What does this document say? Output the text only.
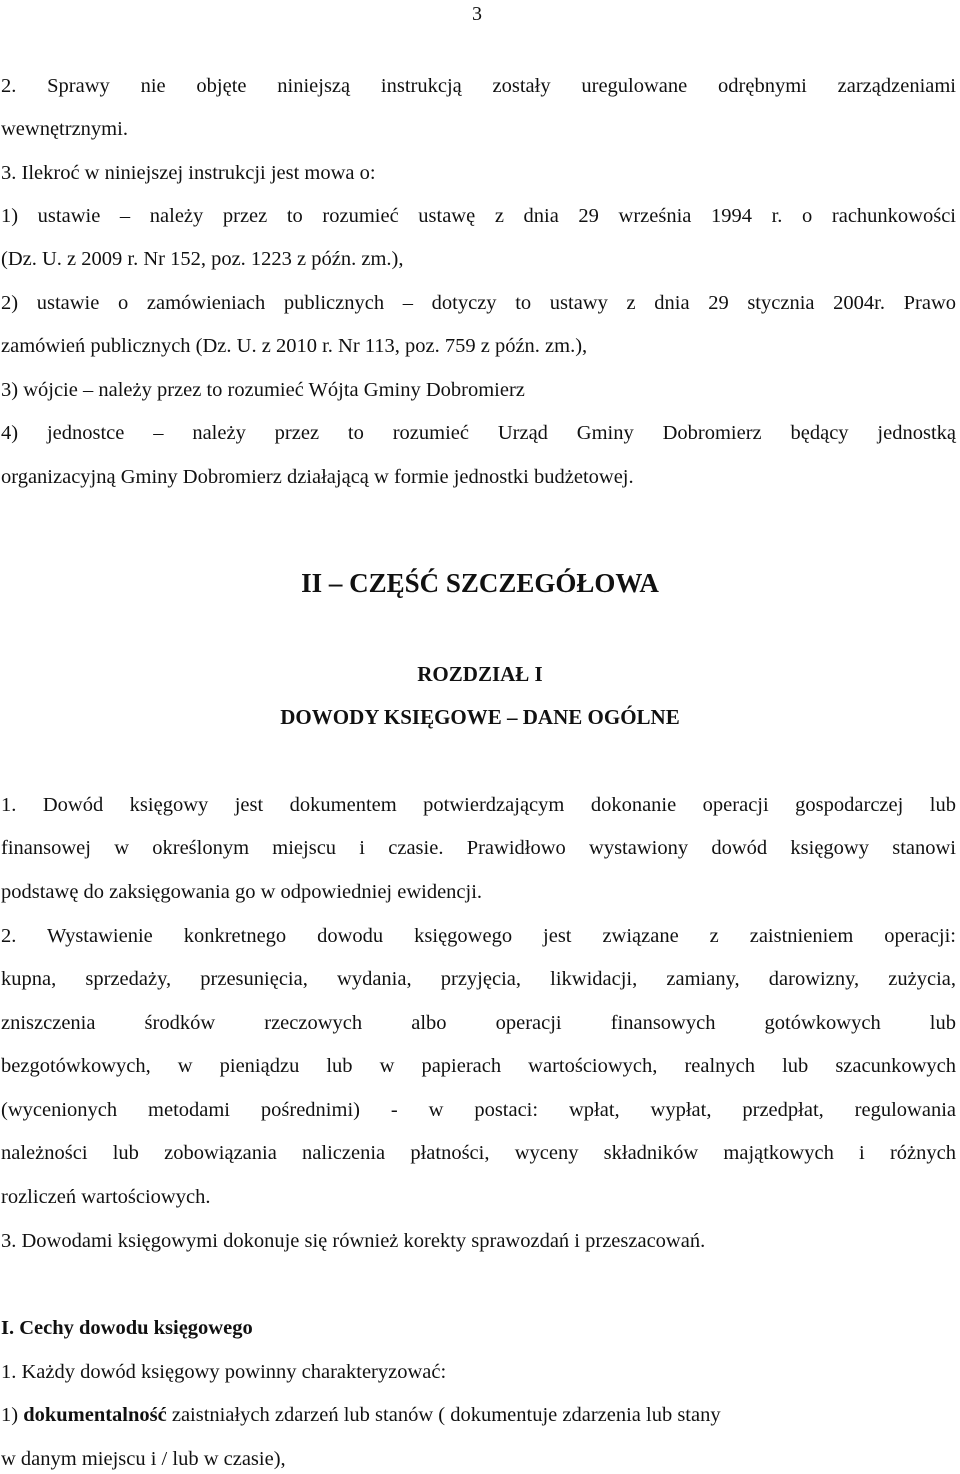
3
2. Sprawy nie objęte niniejszą instrukcją zostały uregulowane odrębnymi zarządzeniami
wewnętrznymi.
3. Ilekroć w niniejszej instrukcji jest mowa o:
1) ustawie – należy przez to rozumieć ustawę z dnia 29 września 1994 r. o rachunkowości
(Dz. U. z 2009 r. Nr 152, poz. 1223 z późn. zm.),
2) ustawie o zamówieniach publicznych – dotyczy to ustawy z dnia 29 stycznia 2004r. Prawo
zamówień publicznych (Dz. U. z 2010 r. Nr 113, poz. 759 z późn. zm.),
3) wójcie – należy przez to rozumieć Wójta Gminy Dobromierz
4) jednostce – należy przez to rozumieć Urząd Gminy Dobromierz będący jednostką
organizacyjną Gminy Dobromierz działającą w formie jednostki budżetowej.
II – CZĘŚĆ SZCZEGÓŁOWA
ROZDZIAŁ I
DOWODY KSIĘGOWE – DANE OGÓLNE
1. Dowód księgowy jest dokumentem potwierdzającym dokonanie operacji gospodarczej lub
finansowej w określonym miejscu i czasie. Prawidłowo wystawiony dowód księgowy stanowi
podstawę do zaksięgowania go w odpowiedniej ewidencji.
2. Wystawienie konkretnego dowodu księgowego jest związane z zaistnieniem operacji:
kupna, sprzedaży, przesunięcia, wydania, przyjęcia, likwidacji, zamiany, darowizny, zużycia,
zniszczenia środków rzeczowych albo operacji finansowych gotówkowych lub
bezgotówkowych, w pieniądzu lub w papierach wartościowych, realnych lub szacunkowych
(wycenionych metodami pośrednimi) - w postaci: wpłat, wypłat, przedpłat, regulowania
należności lub zobowiązania naliczenia płatności, wyceny składników majątkowych i różnych
rozliczeń wartościowych.
3. Dowodami księgowymi dokonuje się również korekty sprawozdań i przeszacowań.
I. Cechy dowodu księgowego
1. Każdy dowód księgowy powinny charakteryzować:
1) dokumentalność zaistniałych zdarzeń lub stanów ( dokumentuje zdarzenia lub stany
w danym miejscu i / lub w czasie),
